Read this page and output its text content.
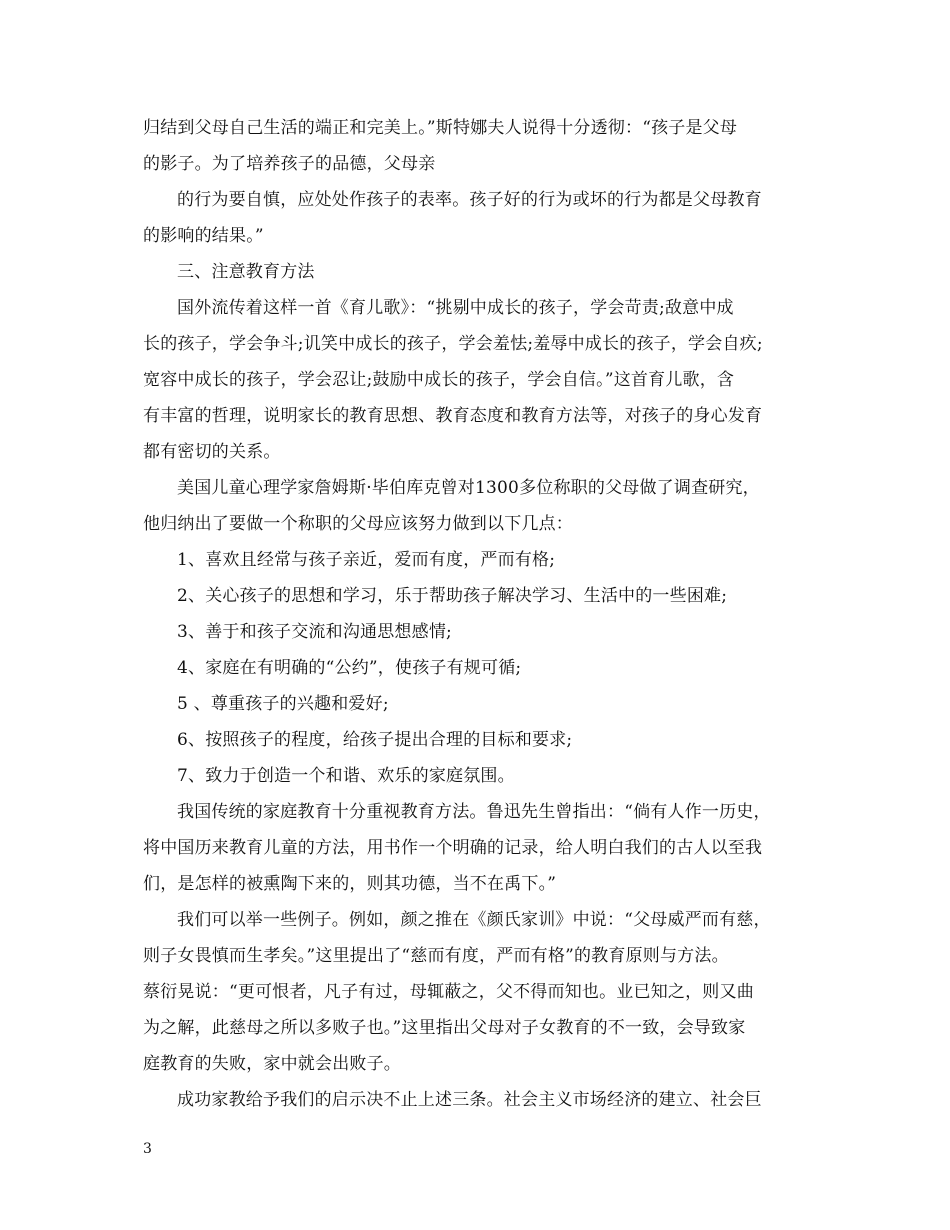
归结到父母自己生活的端正和完美上。”斯特娜夫人说得十分透彻：“孩子是父母
的影子。为了培养孩子的品德，父母亲
的行为要自慎，应处处作孩子的表率。孩子好的行为或坏的行为都是父母教育
的影响的结果。”
三、注意教育方法
国外流传着这样一首《育儿歌》：“挑剔中成长的孩子，学会苛责;敌意中成
长的孩子，学会争斗;讥笑中成长的孩子，学会羞怯;羞辱中成长的孩子，学会自疚;
宽容中成长的孩子，学会忍让;鼓励中成长的孩子，学会自信。”这首育儿歌，含
有丰富的哲理，说明家长的教育思想、教育态度和教育方法等，对孩子的身心发育
都有密切的关系。
美国儿童心理学家詹姆斯·毕伯库克曾对1300多位称职的父母做了调查研究，
他归纳出了要做一个称职的父母应该努力做到以下几点：
1、喜欢且经常与孩子亲近，爱而有度，严而有格;
2、关心孩子的思想和学习，乐于帮助孩子解决学习、生活中的一些困难;
3、善于和孩子交流和沟通思想感情;
4、家庭在有明确的“公约”，使孩子有规可循;
5 、尊重孩子的兴趣和爱好;
6、按照孩子的程度，给孩子提出合理的目标和要求;
7、致力于创造一个和谐、欢乐的家庭氛围。
我国传统的家庭教育十分重视教育方法。鲁迅先生曾指出：“倘有人作一历史，
将中国历来教育儿童的方法，用书作一个明确的记录，给人明白我们的古人以至我
们，是怎样的被熏陶下来的，则其功德，当不在禹下。”
我们可以举一些例子。例如，颜之推在《颜氏家训》中说：“父母威严而有慈，
则子女畏慎而生孝矣。”这里提出了“慈而有度，严而有格”的教育原则与方法。
蔡衍晃说：“更可恨者，凡子有过，母辄蔽之，父不得而知也。业已知之，则又曲
为之解，此慈母之所以多败子也。”这里指出父母对子女教育的不一致，会导致家
庭教育的失败，家中就会出败子。
成功家教给予我们的启示决不止上述三条。社会主义市场经济的建立、社会巨
3
